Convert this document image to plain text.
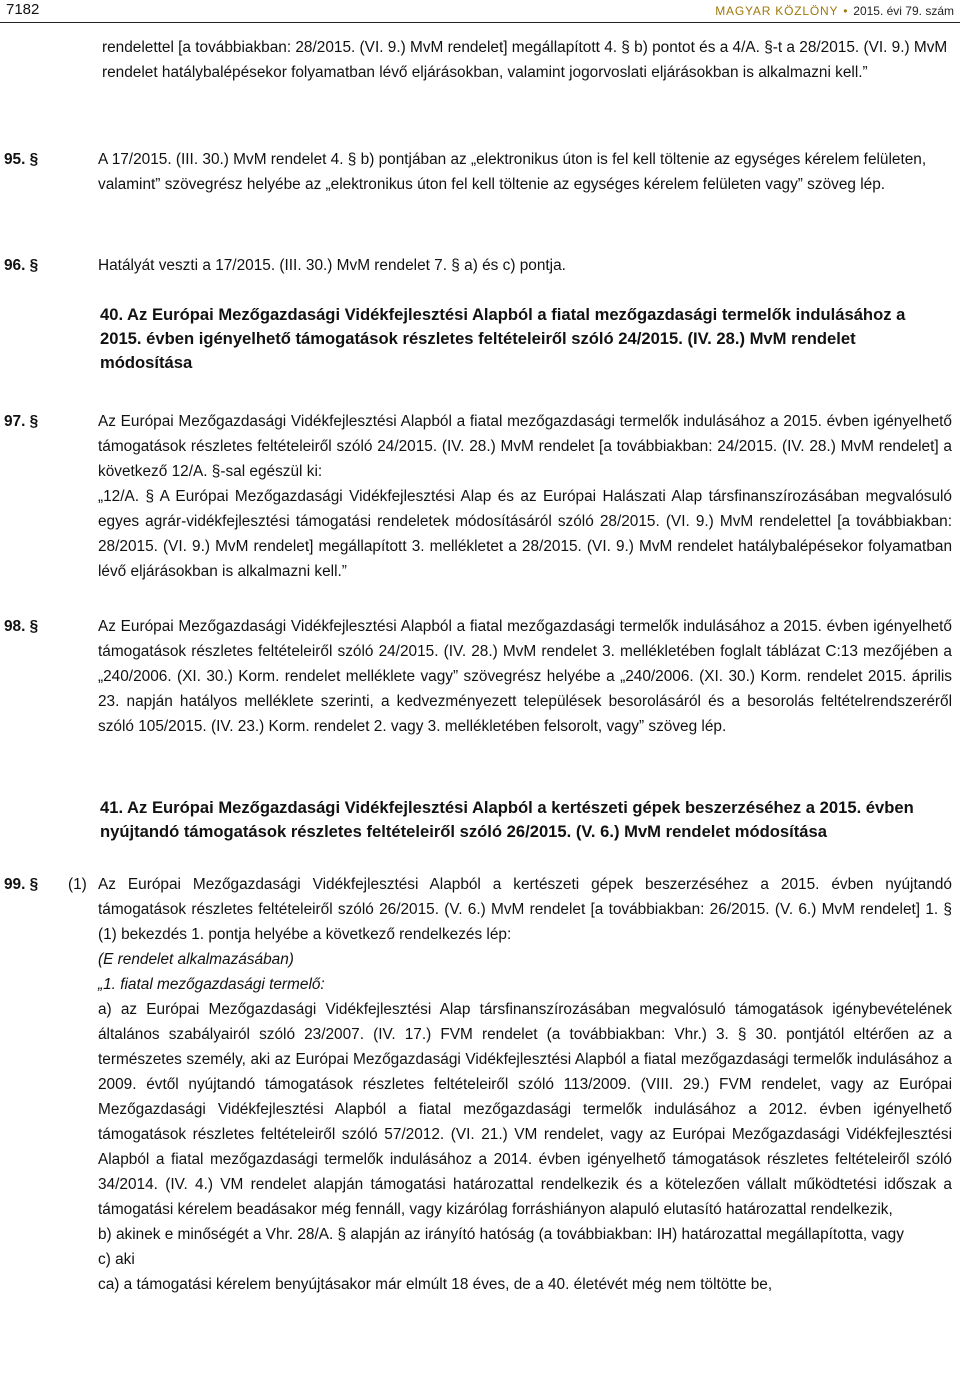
7182	MAGYAR KÖZLÖNY • 2015. évi 79. szám
rendelettel [a továbbiakban: 28/2015. (VI. 9.) MvM rendelet] megállapított 4. § b) pontot és a 4/A. §-t a 28/2015. (VI. 9.) MvM rendelet hatálybalépésekor folyamatban lévő eljárásokban, valamint jogorvoslati eljárásokban is alkalmazni kell.”
95. §	A 17/2015. (III. 30.) MvM rendelet 4. § b) pontjában az „elektronikus úton is fel kell töltenie az egységes kérelem felületen, valamint” szövegrész helyébe az „elektronikus úton fel kell töltenie az egységes kérelem felületen vagy” szöveg lép.
96. §	Hatályát veszti a 17/2015. (III. 30.) MvM rendelet 7. § a) és c) pontja.
40. Az Európai Mezőgazdasági Vidékfejlesztési Alapból a fiatal mezőgazdasági termelők indulásához a 2015. évben igényelhető támogatások részletes feltételeiről szóló 24/2015. (IV. 28.) MvM rendelet módosítása
97. §	Az Európai Mezőgazdasági Vidékfejlesztési Alapból a fiatal mezőgazdasági termelők indulásához a 2015. évben igényelhető támogatások részletes feltételeiről szóló 24/2015. (IV. 28.) MvM rendelet [a továbbiakban: 24/2015. (IV. 28.) MvM rendelet] a következő 12/A. §-sal egészül ki:

„12/A. § A Európai Mezőgazdasági Vidékfejlesztési Alap és az Európai Halászati Alap társfinanszírozásában megvalósuló egyes agrár-vidékfejlesztési támogatási rendeletek módosításáról szóló 28/2015. (VI. 9.) MvM rendelettel [a továbbiakban: 28/2015. (VI. 9.) MvM rendelet] megállapított 3. mellékletet a 28/2015. (VI. 9.) MvM rendelet hatálybalépésekor folyamatban lévő eljárásokban is alkalmazni kell.”

98. §	Az Európai Mezőgazdasági Vidékfejlesztési Alapból a fiatal mezőgazdasági termelők indulásához a 2015. évben igényelhető támogatások részletes feltételeiről szóló 24/2015. (IV. 28.) MvM rendelet 3. mellékletében foglalt táblázat C:13 mezőjében a „240/2006. (XI. 30.) Korm. rendelet melléklete vagy” szövegrész helyébe a „240/2006. (XI. 30.) Korm. rendelet 2015. április 23. napján hatályos melléklete szerinti, a kedvezményezett települések besorolásáról és a besorolás feltételrendszeréről szóló 105/2015. (IV. 23.) Korm. rendelet 2. vagy 3. mellékletében felsorolt, vagy” szöveg lép.
41. Az Európai Mezőgazdasági Vidékfejlesztési Alapból a kertészeti gépek beszerzéséhez a 2015. évben nyújtandó támogatások részletes feltételeiről szóló 26/2015. (V. 6.) MvM rendelet módosítása
99. § (1) Az Európai Mezőgazdasági Vidékfejlesztési Alapból a kertészeti gépek beszerzéséhez a 2015. évben nyújtandó támogatások részletes feltételeiről szóló 26/2015. (V. 6.) MvM rendelet [a továbbiakban: 26/2015. (V. 6.) MvM rendelet] 1. § (1) bekezdés 1. pontja helyébe a következő rendelkezés lép:

(E rendelet alkalmazásában)

„1. fiatal mezőgazdasági termelő:

a) az Európai Mezőgazdasági Vidékfejlesztési Alap társfinanszírozásában megvalósuló támogatások igénybevételének általános szabályairól szóló 23/2007. (IV. 17.) FVM rendelet (a továbbiakban: Vhr.) 3. § 30. pontjától eltérően az a természetes személy, aki az Európai Mezőgazdasági Vidékfejlesztési Alapból a fiatal mezőgazdasági termelők indulásához a 2009. évtől nyújtandó támogatások részletes feltételeiről szóló 113/2009. (VIII. 29.) FVM rendelet, vagy az Európai Mezőgazdasági Vidékfejlesztési Alapból a fiatal mezőgazdasági termelők indulásához a 2012. évben igényelhető támogatások részletes feltételeiről szóló 57/2012. (VI. 21.) VM rendelet, vagy az Európai Mezőgazdasági Vidékfejlesztési Alapból a fiatal mezőgazdasági termelők indulásához a 2014. évben igényelhető támogatások részletes feltételeiről szóló 34/2014. (IV. 4.) VM rendelet alapján támogatási határozattal rendelkezik és a kötelezően vállalt működtetési időszak a támogatási kérelem beadásakor még fennáll, vagy kizárólag forráshiányon alapuló elutasító határozattal rendelkezik,

b) akinek e minőségét a Vhr. 28/A. § alapján az irányító hatóság (a továbbiakban: IH) határozattal megállapította, vagy

c) aki

ca) a támogatási kérelem benyújtásakor már elmúlt 18 éves, de a 40. életévét még nem töltötte be,
